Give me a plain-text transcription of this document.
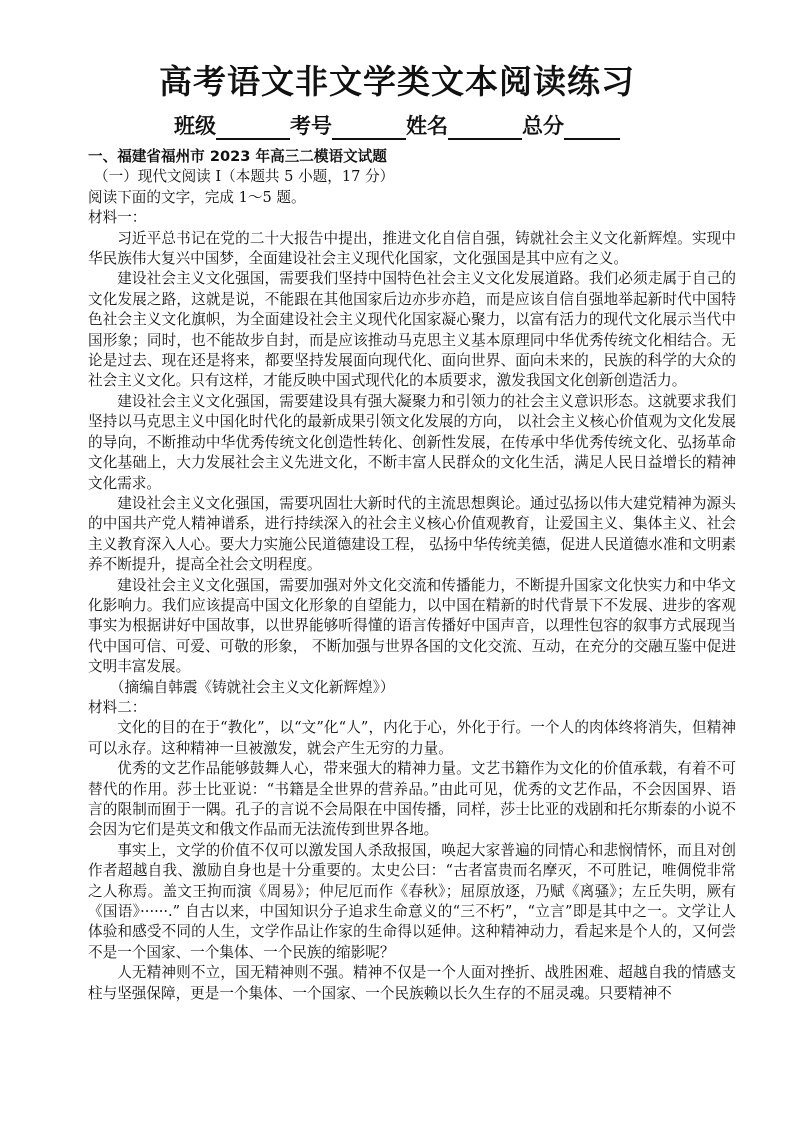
高考语文非文学类文本阅读练习
班级	考号	姓名	总分

一、福建省福州市 2023 年高三二模语文试题

（一）现代文阅读 I（本题共 5 小题，17 分）

阅读下面的文字，完成 1～5 题。

材料一：

习近平总书记在党的二十大报告中提出，推进文化自信自强，铸就社会主义文化新辉煌。实现中华民族伟大复兴中国梦，全面建设社会主义现代化国家，文化强国是其中应有之义。

建设社会主义文化强国，需要我们坚持中国特色社会主义文化发展道路。我们必须走属于自己的文化发展之路，这就是说，不能跟在其他国家后边亦步亦趋，而是应该自信自强地举起新时代中国特色社会主义文化旗帜，为全面建设社会主义现代化国家凝心聚力，以富有活力的现代文化展示当代中国形象；同时，也不能故步自封，而是应该推动马克思主义基本原理同中华优秀传统文化相结合。无论是过去、现在还是将来，都要坚持发展面向现代化、面向世界、面向未来的，民族的科学的大众的社会主义文化。只有这样，才能反映中国式现代化的本质要求，激发我国文化创新创造活力。

建设社会主义文化强国，需要建设具有强大凝聚力和引领力的社会主义意识形态。这就要求我们坚持以马克思主义中国化时代化的最新成果引领文化发展的方向， 以社会主义核心价值观为文化发展的导向，不断推动中华优秀传统文化创造性转化、创新性发展，在传承中华优秀传统文化、弘扬革命文化基础上，大力发展社会主义先进文化，不断丰富人民群众的文化生活，满足人民日益增长的精神文化需求。

建设社会主义文化强国，需要巩固壮大新时代的主流思想舆论。通过弘扬以伟大建党精神为源头的中国共产党人精神谱系，进行持续深入的社会主义核心价值观教育，让爱国主义、集体主义、社会主义教育深入人心。要大力实施公民道德建设工程， 弘扬中华传统美德，促进人民道德水准和文明素养不断提升，提高全社会文明程度。

建设社会主义文化强国，需要加强对外文化交流和传播能力，不断提升国家文化快实力和中华文化影响力。我们应该提高中国文化形象的自望能力，以中国在精新的时代背景下不发展、进步的客观事实为根据讲好中国故事，以世界能够听得懂的语言传播好中国声音，以理性包容的叙事方式展现当代中国可信、可爱、可敬的形象， 不断加强与世界各国的文化交流、互动，在充分的交融互鉴中促进文明丰富发展。

（摘编自韩震《铸就社会主义文化新辉煌》）

材料二：

文化的目的在于“教化”，以“文”化“人”，内化于心，外化于行。一个人的肉体终将消失，但精神可以永存。这种精神一旦被激发，就会产生无穷的力量。

优秀的文艺作品能够鼓舞人心，带来强大的精神力量。文艺书籍作为文化的价值承载，有着不可替代的作用。莎士比亚说：“书籍是全世界的营养品。”由此可见，优秀的文艺作品，不会因国界、语言的限制而囿于一隅。孔子的言说不会局限在中国传播，同样，莎士比亚的戏剧和托尔斯泰的小说不会因为它们是英文和俄文作品而无法流传到世界各地。

事实上，文学的价值不仅可以激发国人杀敌报国，唤起大家普遍的同情心和悲悯情怀，而且对创作者超越自我、激励自身也是十分重要的。太史公曰：“古者富贵而名摩灭，不可胜记，唯倜傥非常之人称焉。盖文王拘而演《周易》；仲尼厄而作《春秋》；屈原放逐，乃赋《离骚》；左丘失明，厥有《国语》······.” 自古以来，中国知识分子追求生命意义的“三不朽”，“立言”即是其中之一。文学让人体验和感受不同的人生，文学作品让作家的生命得以延伸。这种精神动力，看起来是个人的，又何尝不是一个国家、一个集体、一个民族的缩影呢？

人无精神则不立，国无精神则不强。精神不仅是一个人面对挫折、战胜困难、超越自我的情感支柱与坚强保障，更是一个集体、一个国家、一个民族赖以长久生存的不屈灵魂。只要精神不
